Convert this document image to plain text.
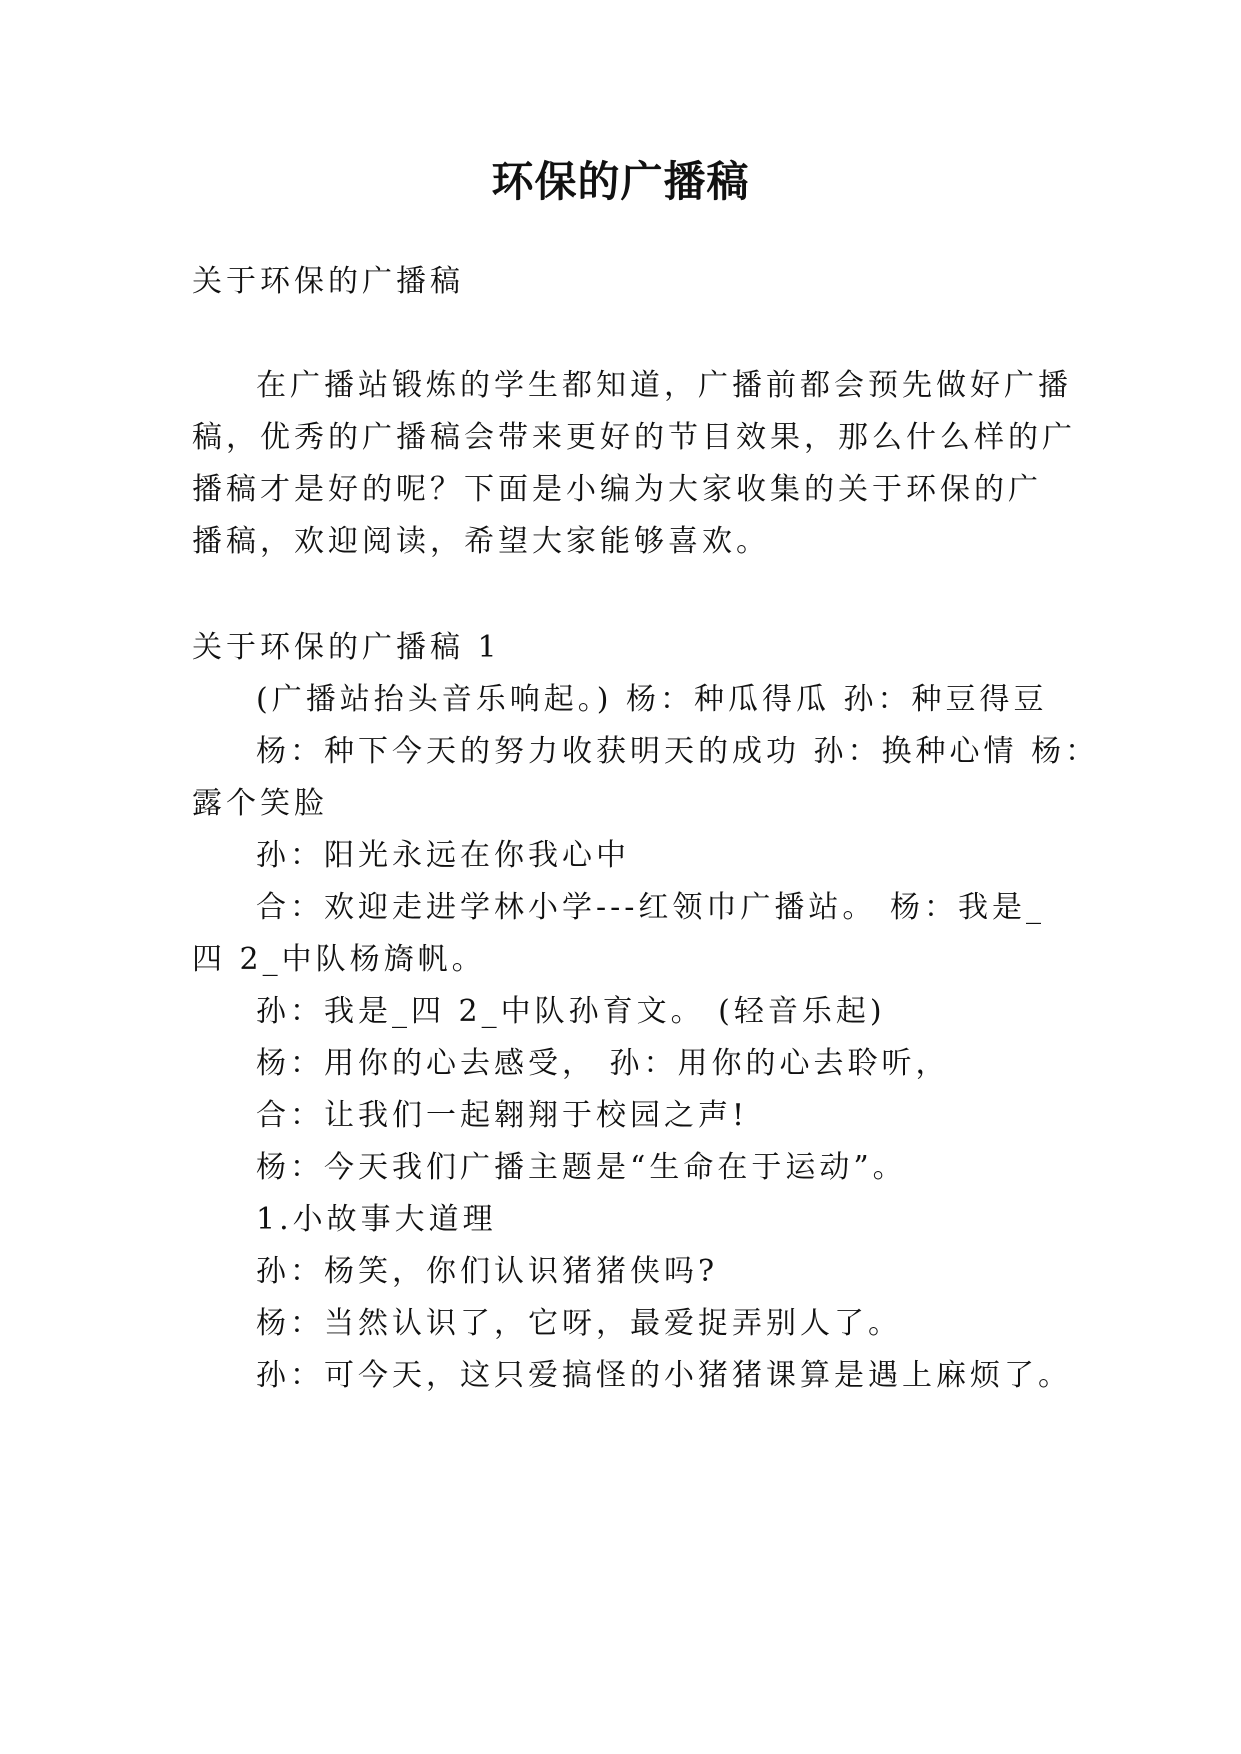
环保的广播稿

关于环保的广播稿

在广播站锻炼的学生都知道，广播前都会预先做好广播

稿，优秀的广播稿会带来更好的节目效果，那么什么样的广

播稿才是好的呢？下面是小编为大家收集的关于环保的广

播稿，欢迎阅读，希望大家能够喜欢。

关于环保的广播稿 1

(广播站抬头音乐响起。) 杨：种瓜得瓜 孙：种豆得豆

杨：种下今天的努力收获明天的成功 孙：换种心情 杨：

露个笑脸

孙：阳光永远在你我心中

合：欢迎走进学林小学---红领巾广播站。 杨：我是_

四 2_中队杨旖帆。

孙：我是_四 2_中队孙育文。 (轻音乐起)

杨：用你的心去感受， 孙：用你的心去聆听，

合：让我们一起翱翔于校园之声!

杨：今天我们广播主题是“生命在于运动”。

1.小故事大道理

孙：杨笑，你们认识猪猪侠吗?

杨：当然认识了，它呀，最爱捉弄别人了。

孙：可今天，这只爱搞怪的小猪猪课算是遇上麻烦了。
